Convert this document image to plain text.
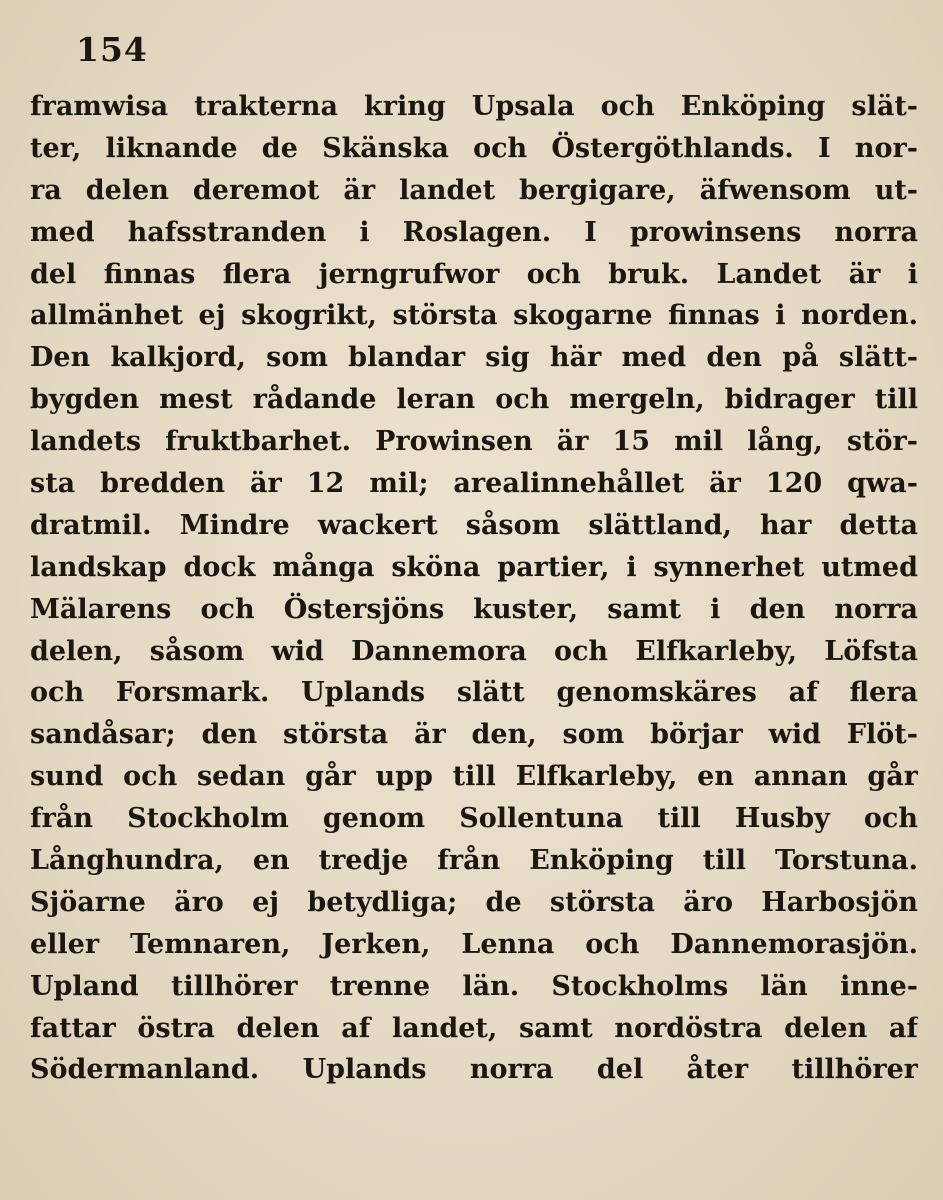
154
framwisa trakterna kring Upsala och Enköping slät-
ter, liknande de Skänska och Östergöthlands. I nor-
ra delen deremot är landet bergigare, äfwensom ut-
med hafsstranden i Roslagen. I prowinsens norra
del finnas flera jerngrufwor och bruk. Landet är i
allmänhet ej skogrikt, största skogarne finnas i norden.
Den kalkjord, som blandar sig här med den på slätt-
bygden mest rådande leran och mergeln, bidrager till
landets fruktbarhet. Prowinsen är 15 mil lång, stör-
sta bredden är 12 mil; arealinnehållet är 120 qwa-
dratmil. Mindre wackert såsom slättland, har detta
landskap dock många sköna partier, i synnerhet utmed
Mälarens och Östersjöns kuster, samt i den norra
delen, såsom wid Dannemora och Elfkarleby, Löfsta
och Forsmark. Uplands slätt genomskäres af flera
sandåsar; den största är den, som börjar wid Flöt-
sund och sedan går upp till Elfkarleby, en annan går
från Stockholm genom Sollentuna till Husby och
Långhundra, en tredje från Enköping till Torstuna.
Sjöarne äro ej betydliga; de största äro Harbosjön
eller Temnaren, Jerken, Lenna och Dannemorasjön.
Upland tillhörer trenne län. Stockholms län inne-
fattar östra delen af landet, samt nordöstra delen af
Södermanland. Uplands norra del åter tillhörer
